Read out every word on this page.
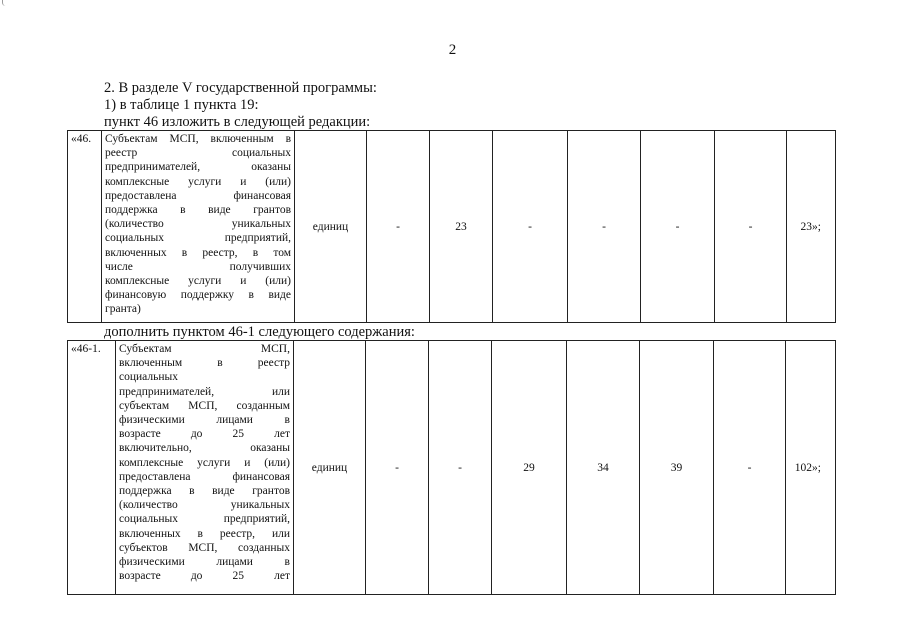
2
2. В разделе V государственной программы:
1) в таблице 1 пункта 19:
пункт 46 изложить в следующей редакции:
«46.	Субъектам МСП, включенным в
реестр социальных
предпринимателей, оказаны
комплексные услуги и (или)
предоставлена финансовая
поддержка в виде грантов
(количество уникальных
социальных предприятий,
включенных в реестр, в том
числе получивших
комплексные услуги и (или)
финансовую поддержку в виде
гранта)
	единиц	-	23	-	-	-	-	23»;
дополнить пунктом 46-1 следующего содержания:
«46-1.	Субъектам МСП,
включенным в реестр
социальных
предпринимателей, или
субъектам МСП, созданным
физическими лицами в
возрасте до 25 лет
включительно, оказаны
комплексные услуги и (или)
предоставлена финансовая
поддержка в виде грантов
(количество уникальных
социальных предприятий,
включенных в реестр, или
субъектов МСП, созданных
физическими лицами в
возрасте до 25 лет
	единиц	-	-	29	34	39	-	102»;
